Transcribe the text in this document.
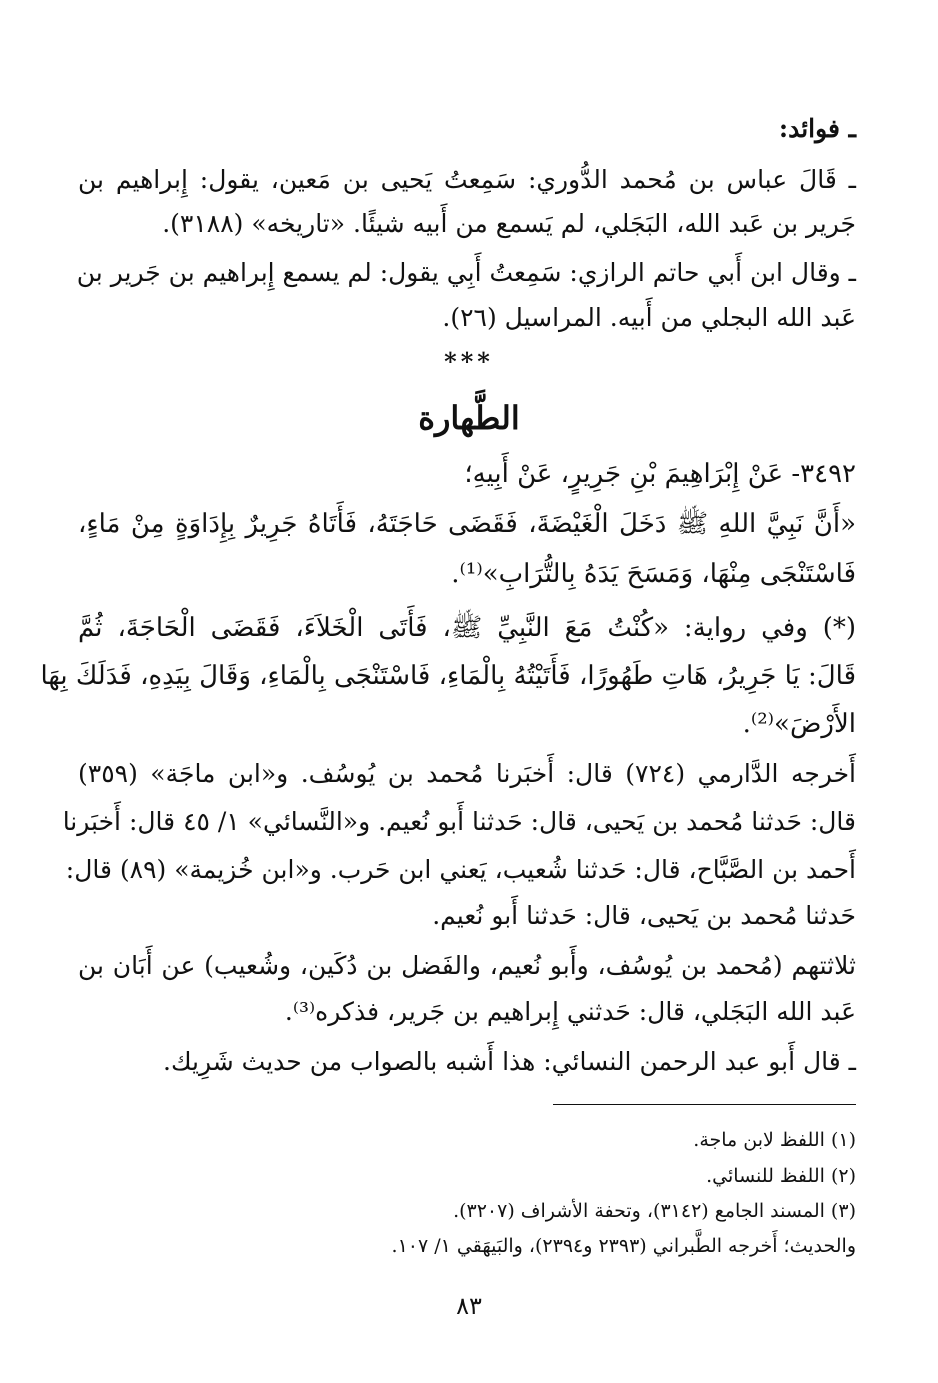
ـ فوائد:
ـ قَالَ عباس بن مُحمد الدُّوري: سَمِعتُ يَحيى بن مَعين، يقول: إِبراهيم بن
جَرير بن عَبد الله، البَجَلي، لم يَسمع من أَبيه شيئًا. «تاريخه» (٣١٨٨).
ـ وقال ابن أَبي حاتم الرازي: سَمِعتُ أَبِي يقول: لم يسمع إِبراهيم بن جَرير بن
عَبد الله البجلي من أَبيه. المراسيل (٢٦).
***
الطَّهارة
٣٤٩٢- عَنْ إِبْرَاهِيمَ بْنِ جَرِيرٍ، عَنْ أَبِيهِ؛
«أَنَّ نَبِيَّ اللهِ ﷺ دَخَلَ الْغَيْضَةَ، فَقَضَى حَاجَتَهُ، فَأَتَاهُ جَرِيرٌ بِإِدَاوَةٍ مِنْ مَاءٍ،
فَاسْتَنْجَى مِنْهَا، وَمَسَحَ يَدَهُ بِالتُّرَابِ»⁽¹⁾.
(*) وفي رواية: «كُنْتُ مَعَ النَّبِيِّ ﷺ، فَأَتَى الْخَلاَءَ، فَقَضَى الْحَاجَةَ، ثُمَّ
قَالَ: يَا جَرِيرُ، هَاتِ طَهُورًا، فَأَتَيْتُهُ بِالْمَاءِ، فَاسْتَنْجَى بِالْمَاءِ، وَقَالَ بِيَدِهِ، فَدَلَكَ بِهَا
الأَرْضَ»⁽²⁾.
أَخرجه الدَّارمي (٧٢٤) قال: أَخبَرنا مُحمد بن يُوسُف. و«ابن ماجَة» (٣٥٩)
قال: حَدثنا مُحمد بن يَحيى، قال: حَدثنا أَبو نُعيم. و«النَّسائي» ١/ ٤٥ قال: أَخبَرنا
أَحمد بن الصَّبَّاح، قال: حَدثنا شُعيب، يَعني ابن حَرب. و«ابن خُزيمة» (٨٩) قال:
حَدثنا مُحمد بن يَحيى، قال: حَدثنا أَبو نُعيم.
ثلاثتهم (مُحمد بن يُوسُف، وأَبو نُعيم، والفَضل بن دُكَين، وشُعيب) عن أَبَان بن
عَبد الله البَجَلي، قال: حَدثني إِبراهيم بن جَرير، فذكره⁽³⁾.
ـ قال أَبو عبد الرحمن النسائي: هذا أَشبه بالصواب من حديث شَرِيك.
(١) اللفظ لابن ماجة.
(٢) اللفظ للنسائي.
(٣) المسند الجامع (٣١٤٢)، وتحفة الأشراف (٣٢٠٧).
والحديث؛ أَخرجه الطَّبراني (٢٣٩٣ و٢٣٩٤)، والبَيهَقي ١/ ١٠٧.
٨٣
